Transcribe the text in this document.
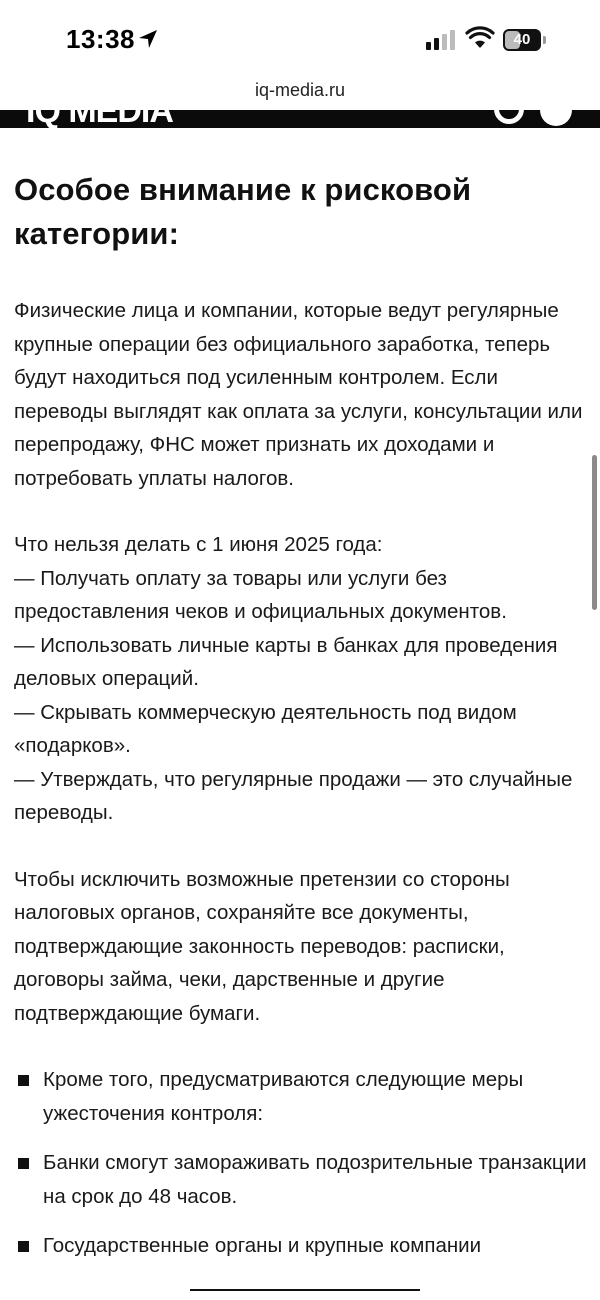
13:38	40
iq-media.ru
IQ MEDIA
Особое внимание к рисковой категории:

Физические лица и компании, которые ведут регулярные крупные операции без официального заработка, теперь будут находиться под усиленным контролем. Если переводы выглядят как оплата за услуги, консультации или перепродажу, ФНС может признать их доходами и потребовать уплаты налогов.

Что нельзя делать с 1 июня 2025 года:
— Получать оплату за товары или услуги без предоставления чеков и официальных документов.
— Использовать личные карты в банках для проведения деловых операций.
— Скрывать коммерческую деятельность под видом «подарков».
— Утверждать, что регулярные продажи — это случайные переводы.

Чтобы исключить возможные претензии со стороны налоговых органов, сохраняйте все документы, подтверждающие законность переводов: расписки, договоры займа, чеки, дарственные и другие подтверждающие бумаги.

Кроме того, предусматриваются следующие меры ужесточения контроля:
Банки смогут замораживать подозрительные транзакции на срок до 48 часов.
Государственные органы и крупные компании
